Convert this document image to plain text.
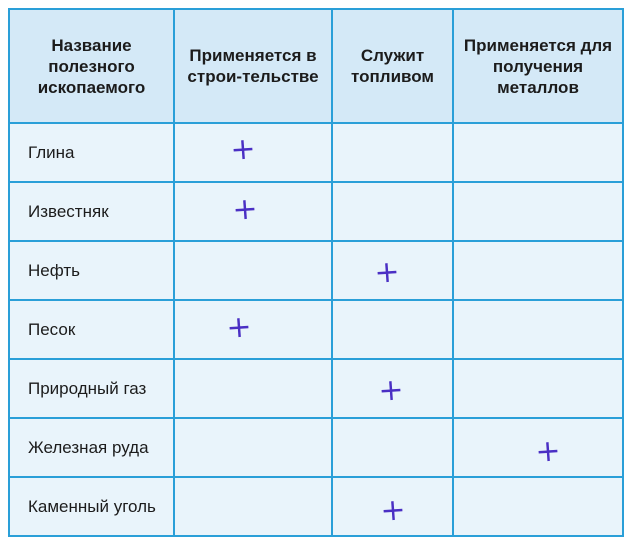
Название полезного ископаемого	Применяется в строи-тельстве	Служит топливом	Применяется для получения металлов

Глина	+		

Известняк	+		

Нефть		+	

Песок	+		

Природный газ		+	

Железная руда			+

Каменный уголь		+	
